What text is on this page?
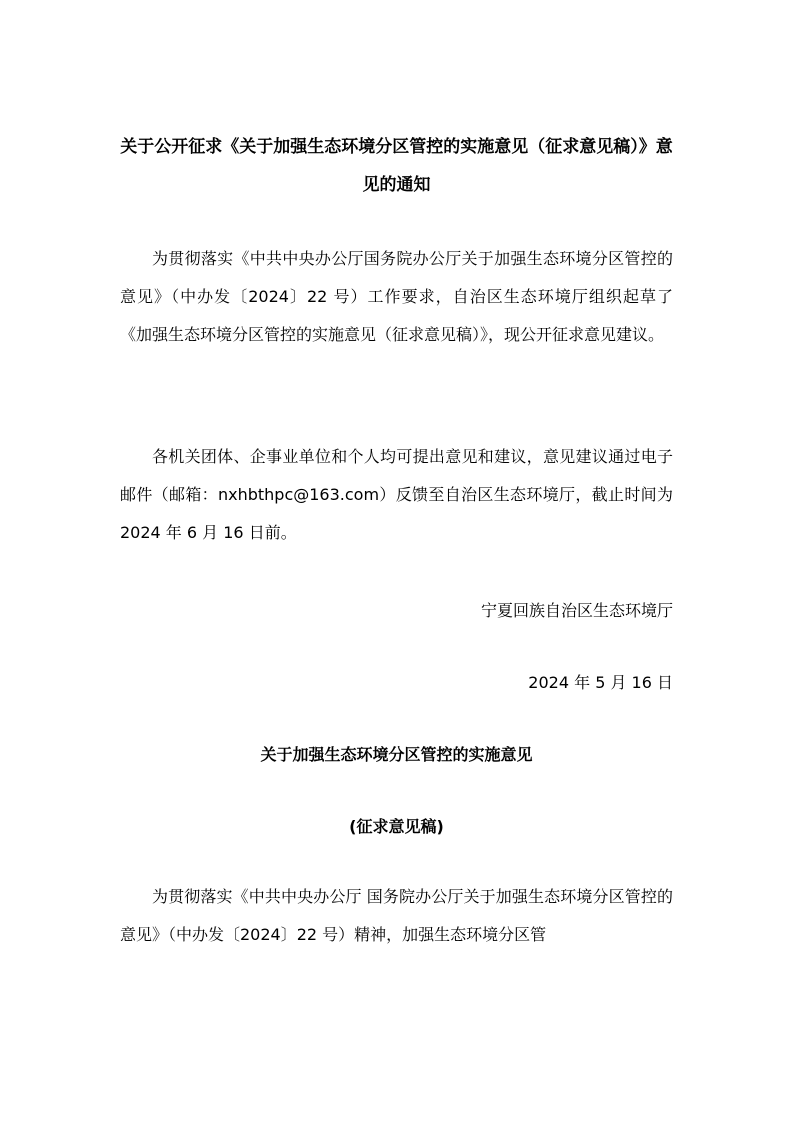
关于公开征求《关于加强生态环境分区管控的实施意见（征求意见稿）》意见的通知

为贯彻落实《中共中央办公厅国务院办公厅关于加强生态环境分区管控的意见》（中办发〔2024〕22 号）工作要求，自治区生态环境厅组织起草了《加强生态环境分区管控的实施意见（征求意见稿）》，现公开征求意见建议。

各机关团体、企事业单位和个人均可提出意见和建议，意见建议通过电子邮件（邮箱：nxhbthpc@163.com）反馈至自治区生态环境厅，截止时间为 2024 年 6 月 16 日前。

宁夏回族自治区生态环境厅

2024 年 5 月 16 日

关于加强生态环境分区管控的实施意见
(征求意见稿)

为贯彻落实《中共中央办公厅 国务院办公厅关于加强生态环境分区管控的意见》（中办发〔2024〕22 号）精神，加强生态环境分区管
